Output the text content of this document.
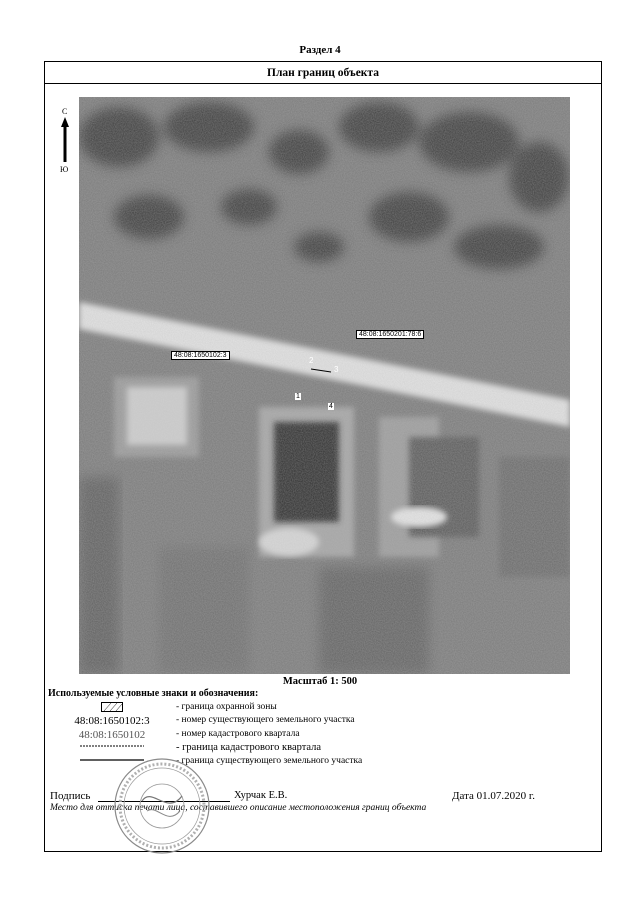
Раздел 4
План границ объекта
С
Ю
48:08:1650102:3
48:08:1650201:78:6
2
3
1
4
Масштаб 1: 500
Используемые условные знаки и обозначения:
- граница охранной зоны
48:08:1650102:3	- номер существующего земельного участка
48:08:1650102	- номер кадастрового квартала
- граница кадастрового квартала
- граница существующего земельного участка
Подпись	Хурчак Е.В.	Дата 01.07.2020 г.
Место для оттиска печати лица, составившего описание местоположения границ объекта
